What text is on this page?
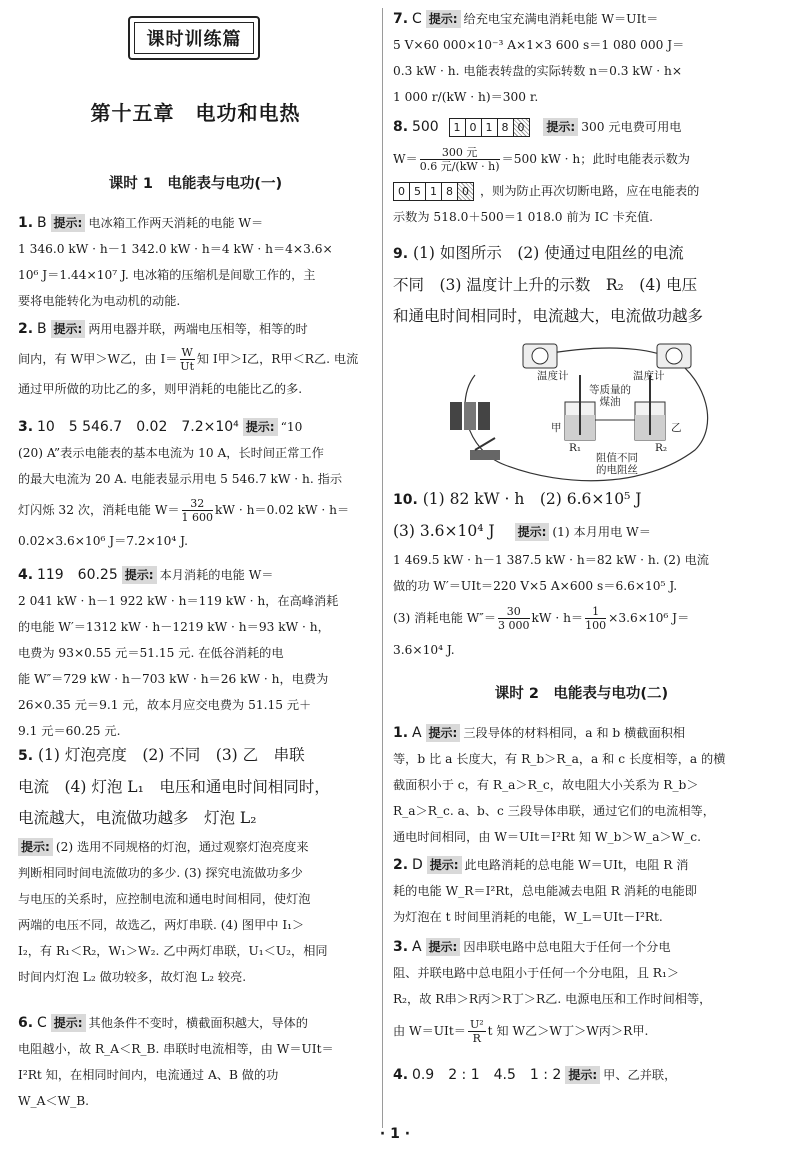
课时训练篇
第十五章　电功和电热
课时 1　电能表与电功(一)
1. B 提示: 电冰箱工作两天消耗的电能 W＝
1 346.0 kW · h－1 342.0 kW · h＝4 kW · h＝4×3.6×
10⁶ J＝1.44×10⁷ J. 电冰箱的压缩机是间歇工作的，主
要将电能转化为电动机的动能.
2. B 提示: 两用电器并联，两端电压相等，相等的时
间内，有 W甲＞W乙，由 $I= \frac{W}{Ut}$ 知 I甲＞I乙，R甲＜R乙. 电流
通过甲所做的功比乙的多，则甲消耗的电能比乙的多.
3. 10　5 546.7　0.02　7.2×10⁴ 提示: “10
(20) A”表示电能表的基本电流为 10 A，长时间正常工作
的最大电流为 20 A. 电能表显示用电 5 546.7 kW · h. 指示
灯闪烁 32 次，消耗电能 $W= \frac{32}{1 600}$ kW · h＝0.02 kW · h＝
0.02×3.6×10⁶ J＝7.2×10⁴ J.
4. 119　60.25 提示: 本月消耗的电能 W＝
2 041 kW · h－1 922 kW · h＝119 kW · h，在高峰消耗
的电能 W′＝1312 kW · h－1219 kW · h＝93 kW · h，
电费为 93×0.55 元＝51.15 元. 在低谷消耗的电
能 W″＝729 kW · h－703 kW · h＝26 kW · h，电费为
26×0.35 元＝9.1 元，故本月应交电费为 51.15 元＋
9.1 元＝60.25 元.
5. (1) 灯泡亮度　(2) 不同　(3) 乙　串联
电流　(4) 灯泡 L₁　电压和通电时间相同时，
电流越大，电流做功越多　灯泡 L₂
提示: (2) 选用不同规格的灯泡，通过观察灯泡亮度来
判断相同时间电流做功的多少. (3) 探究电流做功多少
与电压的关系时，应控制电流和通电时间相同，使灯泡
两端的电压不同，故选乙，两灯串联. (4) 图甲中 I₁＞
I₂，有 R₁＜R₂，W₁＞W₂. 乙中两灯串联，U₁＜U₂，相同
时间内灯泡 L₂ 做功较多，故灯泡 L₂ 较亮.
6. C 提示: 其他条件不变时，横截面积越大，导体的
电阻越小，故 R_A＜R_B. 串联时电流相等，由 W＝UIt＝
I²Rt 知，在相同时间内，电流通过 A、B 做的功
W_A＜W_B.
7. C 提示: 给充电宝充满电消耗电能 W＝UIt＝
5 V×60 000×10⁻³ A×1×3 600 s＝1 080 000 J＝
0.3 kW · h. 电能表转盘的实际转数 n＝0.3 kW · h×
1 000 r/(kW · h)＝300 r.
8. 500	1 0 1 8 0	提示: 300 元电费可用电
$W= \frac{\text{300 元}}{\text{0.6 元/(kW · h)}} =500$ kW · h；此时电能表示数为
0 5 1 8 0 ，则为防止再次切断电路，应在电能表的
示数为 518.0＋500＝1 018.0 前为 IC 卡充值.
9. (1) 如图所示　(2) 使通过电阻丝的电流
不同　(3) 温度计上升的示数　R₂　(4) 电压
和通电时间相同时，电流越大，电流做功越多
温度计	温度计
等质量的煤油
甲	乙
R₁	R₂
阻值不同的电阻丝
10. (1) 82 kW · h　(2) 6.6×10⁵ J
(3) 3.6×10⁴ J 提示: (1) 本月用电 W＝
1 469.5 kW · h－1 387.5 kW · h＝82 kW · h. (2) 电流
做的功 W′＝UIt＝220 V×5 A×600 s＝6.6×10⁵ J.
(3) 消耗电能 $W''= \frac{30}{3 000}$ kW · $h= \frac{1}{100} \times 3.6\times 10^6$ J＝
3.6×10⁴ J.
课时 2　电能表与电功(二)
1. A 提示: 三段导体的材料相同，a 和 b 横截面积相
等，b 比 a 长度大，有 R_b＞R_a，a 和 c 长度相等，a 的横
截面积小于 c，有 R_a＞R_c，故电阻大小关系为 R_b＞
R_a＞R_c. a、b、c 三段导体串联，通过它们的电流相等，
通电时间相同，由 W＝UIt＝I²Rt 知 W_b＞W_a＞W_c.
2. D 提示: 此电路消耗的总电能 W＝UIt，电阻 R 消
耗的电能 W_R＝I²Rt，总电能减去电阻 R 消耗的电能即
为灯泡在 t 时间里消耗的电能，W_L＝UIt－I²Rt.
3. A 提示: 因串联电路中总电阻大于任何一个分电
阻、并联电路中总电阻小于任何一个分电阻，且 R₁＞
R₂，故 R串＞R丙＞R丁＞R乙. 电源电压和工作时间相等，
由 $W=UIt= \frac{\text{U²}}{R}$ t 知 W乙＞W丁＞W丙＞R甲.
4. 0.9　2 : 1　4.5　1 : 2 提示: 甲、乙并联，
· 1 ·
